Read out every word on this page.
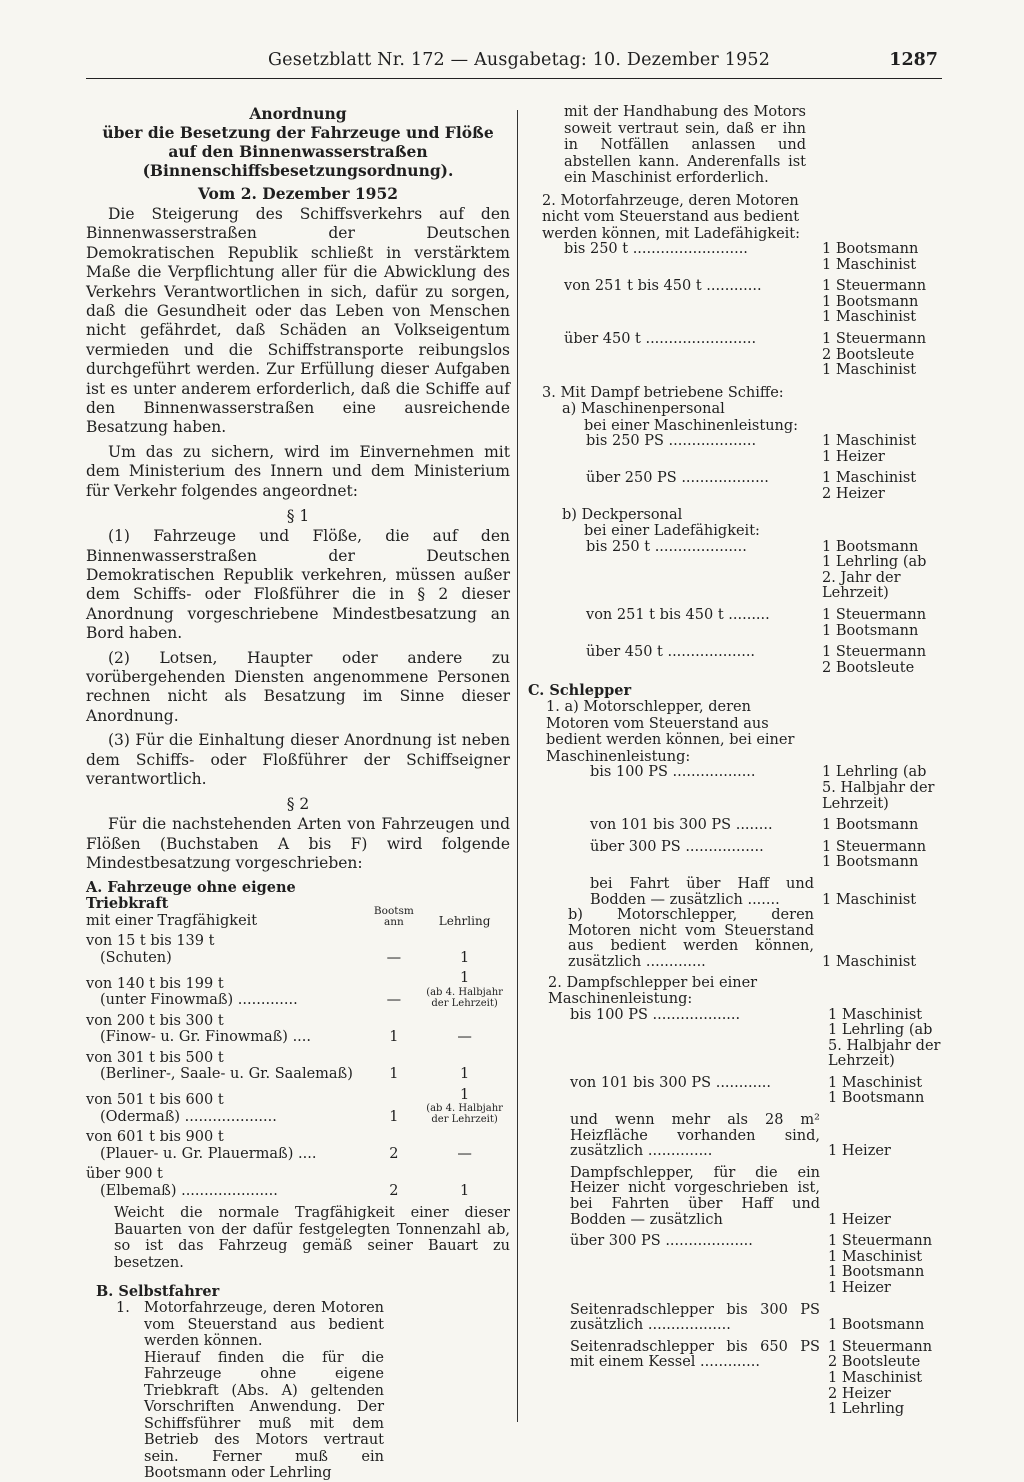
Gesetzblatt Nr. 172 — Ausgabetag: 10. Dezember 1952	1287
Anordnung
über die Besetzung der Fahrzeuge und Flöße
auf den Binnenwasserstraßen
(Binnenschiffsbesetzungsordnung).
Vom 2. Dezember 1952

Die Steigerung des Schiffsverkehrs auf den Binnenwasserstraßen der Deutschen Demokratischen Republik schließt in verstärktem Maße die Verpflichtung aller für die Abwicklung des Verkehrs Verantwortlichen in sich, dafür zu sorgen, daß die Gesundheit oder das Leben von Menschen nicht gefährdet, daß Schäden an Volkseigentum vermieden und die Schiffstransporte reibungslos durchgeführt werden. Zur Erfüllung dieser Aufgaben ist es unter anderem erforderlich, daß die Schiffe auf den Binnenwasserstraßen eine ausreichende Besatzung haben.

Um das zu sichern, wird im Einvernehmen mit dem Ministerium des Innern und dem Ministerium für Verkehr folgendes angeordnet:

§ 1

(1) Fahrzeuge und Flöße, die auf den Binnenwasserstraßen der Deutschen Demokratischen Republik verkehren, müssen außer dem Schiffs- oder Floßführer die in § 2 dieser Anordnung vorgeschriebene Mindestbesatzung an Bord haben.

(2) Lotsen, Haupter oder andere zu vorübergehenden Diensten angenommene Personen rechnen nicht als Besatzung im Sinne dieser Anordnung.

(3) Für die Einhaltung dieser Anordnung ist neben dem Schiffs- oder Floßführer der Schiffseigner verantwortlich.

§ 2

Für die nachstehenden Arten von Fahrzeugen und Flößen (Buchstaben A bis F) wird folgende Mindestbesatzung vorgeschrieben:

A. Fahrzeuge ohne eigene Triebkraft	Bootsmann	Lehrling
mit einer Tragfähigkeit		
von 15 t bis 139 t
(Schuten)	—	1
von 140 t bis 199 t
(unter Finowmaß) .............	—	1
(ab 4. Halbjahr der Lehrzeit)

von 200 t bis 300 t
(Finow- u. Gr. Finowmaß) ....	1	—
von 301 t bis 500 t
(Berliner-, Saale- u. Gr. Saalemaß)	1	1
von 501 t bis 600 t
(Odermaß) ....................	1	1
(ab 4. Halbjahr der Lehrzeit)

von 601 t bis 900 t
(Plauer- u. Gr. Plauermaß) ....	2	—
über 900 t
(Elbemaß) .....................	2	1
Weicht die normale Tragfähigkeit einer dieser Bauarten von der dafür festgelegten Tonnenzahl ab, so ist das Fahrzeug gemäß seiner Bauart zu besetzen.
B. Selbstfahrer
1. Motorfahrzeuge, deren Motoren vom Steuerstand aus bedient werden können.

Hierauf finden die für die Fahrzeuge ohne eigene Triebkraft (Abs. A) geltenden Vorschriften Anwendung. Der Schiffsführer muß mit dem Betrieb des Motors vertraut sein. Ferner muß ein Bootsmann oder Lehrling

mit der Handhabung des Motors soweit vertraut sein, daß er ihn in Notfällen anlassen und abstellen kann. Anderenfalls ist ein Maschinist erforderlich.
2. Motorfahrzeuge, deren Motoren nicht vom Steuerstand aus bedient werden können, mit Ladefähigkeit:
bis 250 t .........................	1 Bootsmann
1 Maschinist
von 251 t bis 450 t ............	1 Steuermann
1 Bootsmann
1 Maschinist
über 450 t ........................	1 Steuermann
2 Bootsleute
1 Maschinist
3. Mit Dampf betriebene Schiffe:
a) Maschinenpersonal
bei einer Maschinenleistung:
bis 250 PS ...................	1 Maschinist
1 Heizer
über 250 PS ...................	1 Maschinist
2 Heizer
b) Deckpersonal
bei einer Ladefähigkeit:
bis 250 t ....................	1 Bootsmann
1 Lehrling (ab
2. Jahr der
Lehrzeit)
von 251 t bis 450 t .........	1 Steuermann
1 Bootsmann
über 450 t ...................	1 Steuermann
2 Bootsleute
C. Schlepper
1. a) Motorschlepper, deren Motoren vom Steuerstand aus bedient werden können, bei einer Maschinenleistung:
bis 100 PS ..................	1 Lehrling (ab
5. Halbjahr der
Lehrzeit)
von 101 bis 300 PS ........	1 Bootsmann
über 300 PS .................	1 Steuermann
1 Bootsmann
bei Fahrt über Haff und Bodden — zusätzlich .......	1 Maschinist
b) Motorschlepper, deren Motoren nicht vom Steuerstand aus bedient werden können, zusätzlich .............	1 Maschinist
2. Dampfschlepper bei einer Maschinenleistung:
bis 100 PS ...................	1 Maschinist
1 Lehrling (ab
5. Halbjahr der
Lehrzeit)
von 101 bis 300 PS ............	1 Maschinist
1 Bootsmann
und wenn mehr als 28 m² Heizfläche vorhanden sind, zusätzlich ..............	1 Heizer
Dampfschlepper, für die ein Heizer nicht vorgeschrieben ist, bei Fahrten über Haff und Bodden — zusätzlich	1 Heizer
über 300 PS ...................	1 Steuermann
1 Maschinist
1 Bootsmann
1 Heizer
Seitenradschlepper bis 300 PS zusätzlich ..................	1 Bootsmann
Seitenradschlepper bis 650 PS mit einem Kessel .............
1 Steuermann
2 Bootsleute
1 Maschinist
2 Heizer
1 Lehrling
